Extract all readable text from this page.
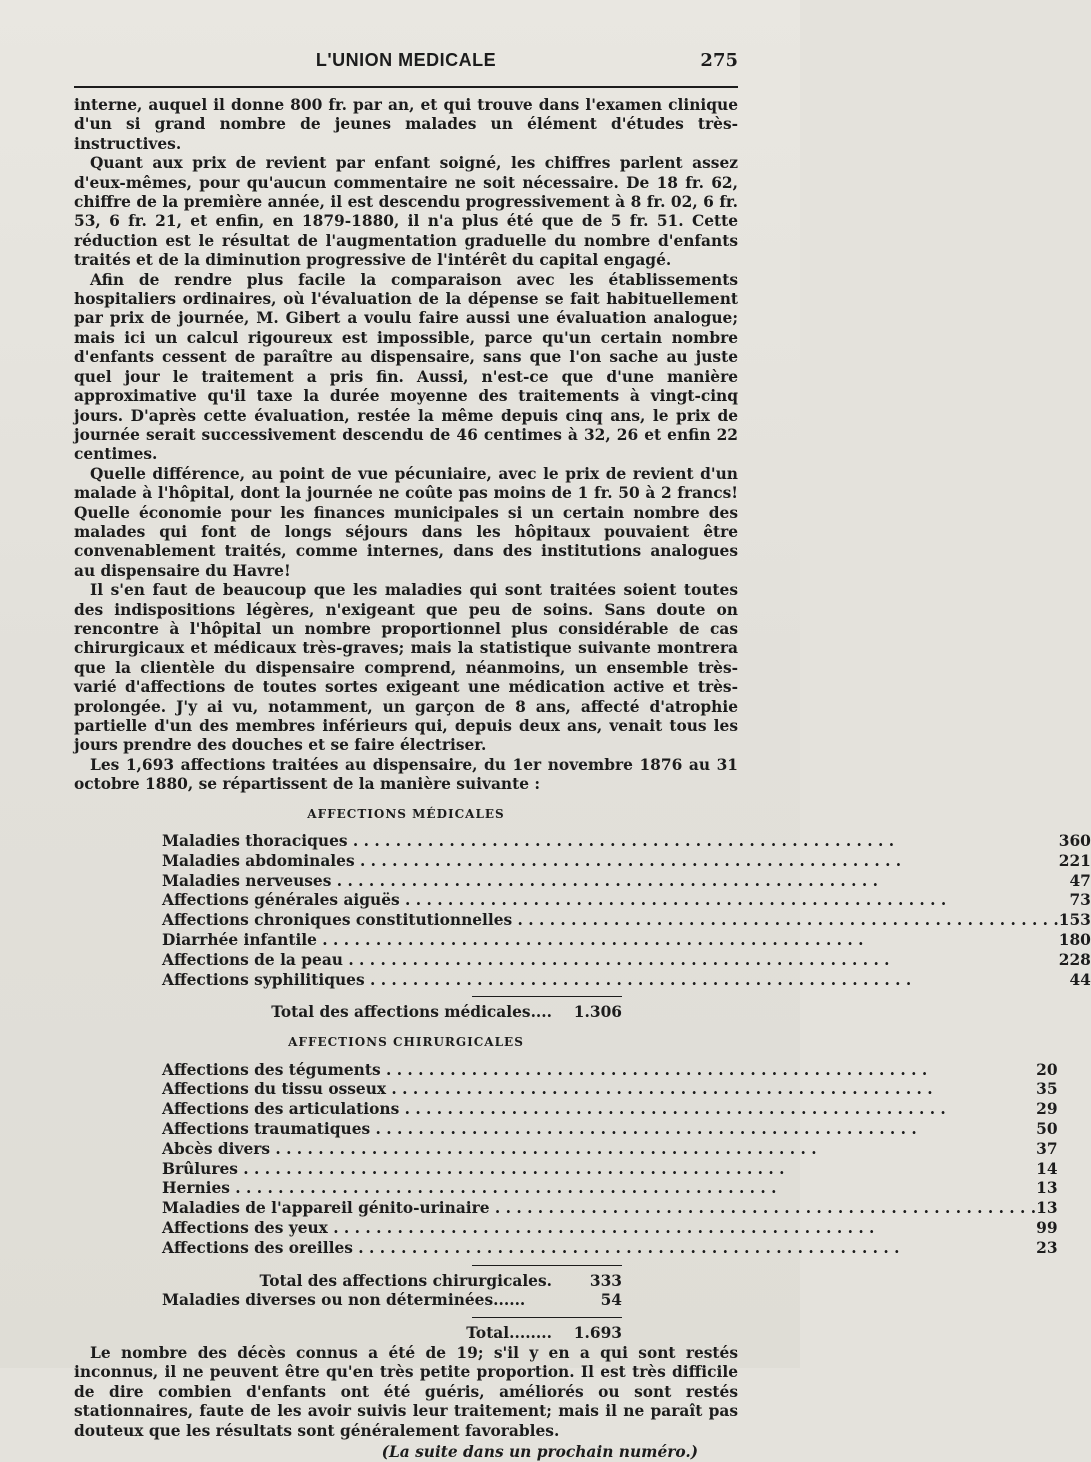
L'UNION MEDICALE	275

interne, auquel il donne 800 fr. par an, et qui trouve dans l'examen clinique d'un si grand nombre de jeunes malades un élément d'études très-instructives.

Quant aux prix de revient par enfant soigné, les chiffres parlent assez d'eux-mêmes, pour qu'aucun commentaire ne soit nécessaire. De 18 fr. 62, chiffre de la première année, il est descendu progressivement à 8 fr. 02, 6 fr. 53, 6 fr. 21, et enfin, en 1879-1880, il n'a plus été que de 5 fr. 51. Cette réduction est le résultat de l'augmentation graduelle du nombre d'enfants traités et de la diminution progressive de l'intérêt du capital engagé.

Afin de rendre plus facile la comparaison avec les établissements hospitaliers ordinaires, où l'évaluation de la dépense se fait habituellement par prix de journée, M. Gibert a voulu faire aussi une évaluation analogue; mais ici un calcul rigoureux est impossible, parce qu'un certain nombre d'enfants cessent de paraître au dispensaire, sans que l'on sache au juste quel jour le traitement a pris fin. Aussi, n'est-ce que d'une manière approximative qu'il taxe la durée moyenne des traitements à vingt-cinq jours. D'après cette évaluation, restée la même depuis cinq ans, le prix de journée serait successivement descendu de 46 centimes à 32, 26 et enfin 22 centimes.

Quelle différence, au point de vue pécuniaire, avec le prix de revient d'un malade à l'hôpital, dont la journée ne coûte pas moins de 1 fr. 50 à 2 francs! Quelle économie pour les finances municipales si un certain nombre des malades qui font de longs séjours dans les hôpitaux pouvaient être convenablement traités, comme internes, dans des institutions analogues au dispensaire du Havre!

Il s'en faut de beaucoup que les maladies qui sont traitées soient toutes des indispositions légères, n'exigeant que peu de soins. Sans doute on rencontre à l'hôpital un nombre proportionnel plus considérable de cas chirurgicaux et médicaux très-graves; mais la statistique suivante montrera que la clientèle du dispensaire comprend, néanmoins, un ensemble très-varié d'affections de toutes sortes exigeant une médication active et très-prolongée. J'y ai vu, notamment, un garçon de 8 ans, affecté d'atrophie partielle d'un des membres inférieurs qui, depuis deux ans, venait tous les jours prendre des douches et se faire électriser.

Les 1,693 affections traitées au dispensaire, du 1er novembre 1876 au 31 octobre 1880, se répartissent de la manière suivante :

AFFECTIONS MÉDICALES
Maladies thoraciques . . .	360
Maladies abdominales . . .	221
Maladies nerveuses . . .	47
Affections générales aiguës . . .	73
Affections chroniques constitutionnelles . . .	153
Diarrhée infantile . . .	180
Affections de la peau . . .	228
Affections syphilitiques . . .	44
Total des affections médicales....	1.306
AFFECTIONS CHIRURGICALES
Affections des téguments . . .	20
Affections du tissu osseux . . .	35
Affections des articulations . . .	29
Affections traumatiques . . .	50
Abcès divers . . .	37
Brûlures . . .	14
Hernies . . .	13
Maladies de l'appareil génito-urinaire . . .	13
Affections des yeux . . .	99
Affections des oreilles . . .	23
Total des affections chirurgicales.	333
Maladies diverses ou non déterminées......	54
Total........	1.693

Le nombre des décès connus a été de 19; s'il y en a qui sont restés inconnus, il ne peuvent être qu'en très petite proportion. Il est très difficile de dire combien d'enfants ont été guéris, améliorés ou sont restés stationnaires, faute de les avoir suivis leur traitement; mais il ne paraît pas douteux que les résultats sont généralement favorables.

(La suite dans un prochain numéro.)
